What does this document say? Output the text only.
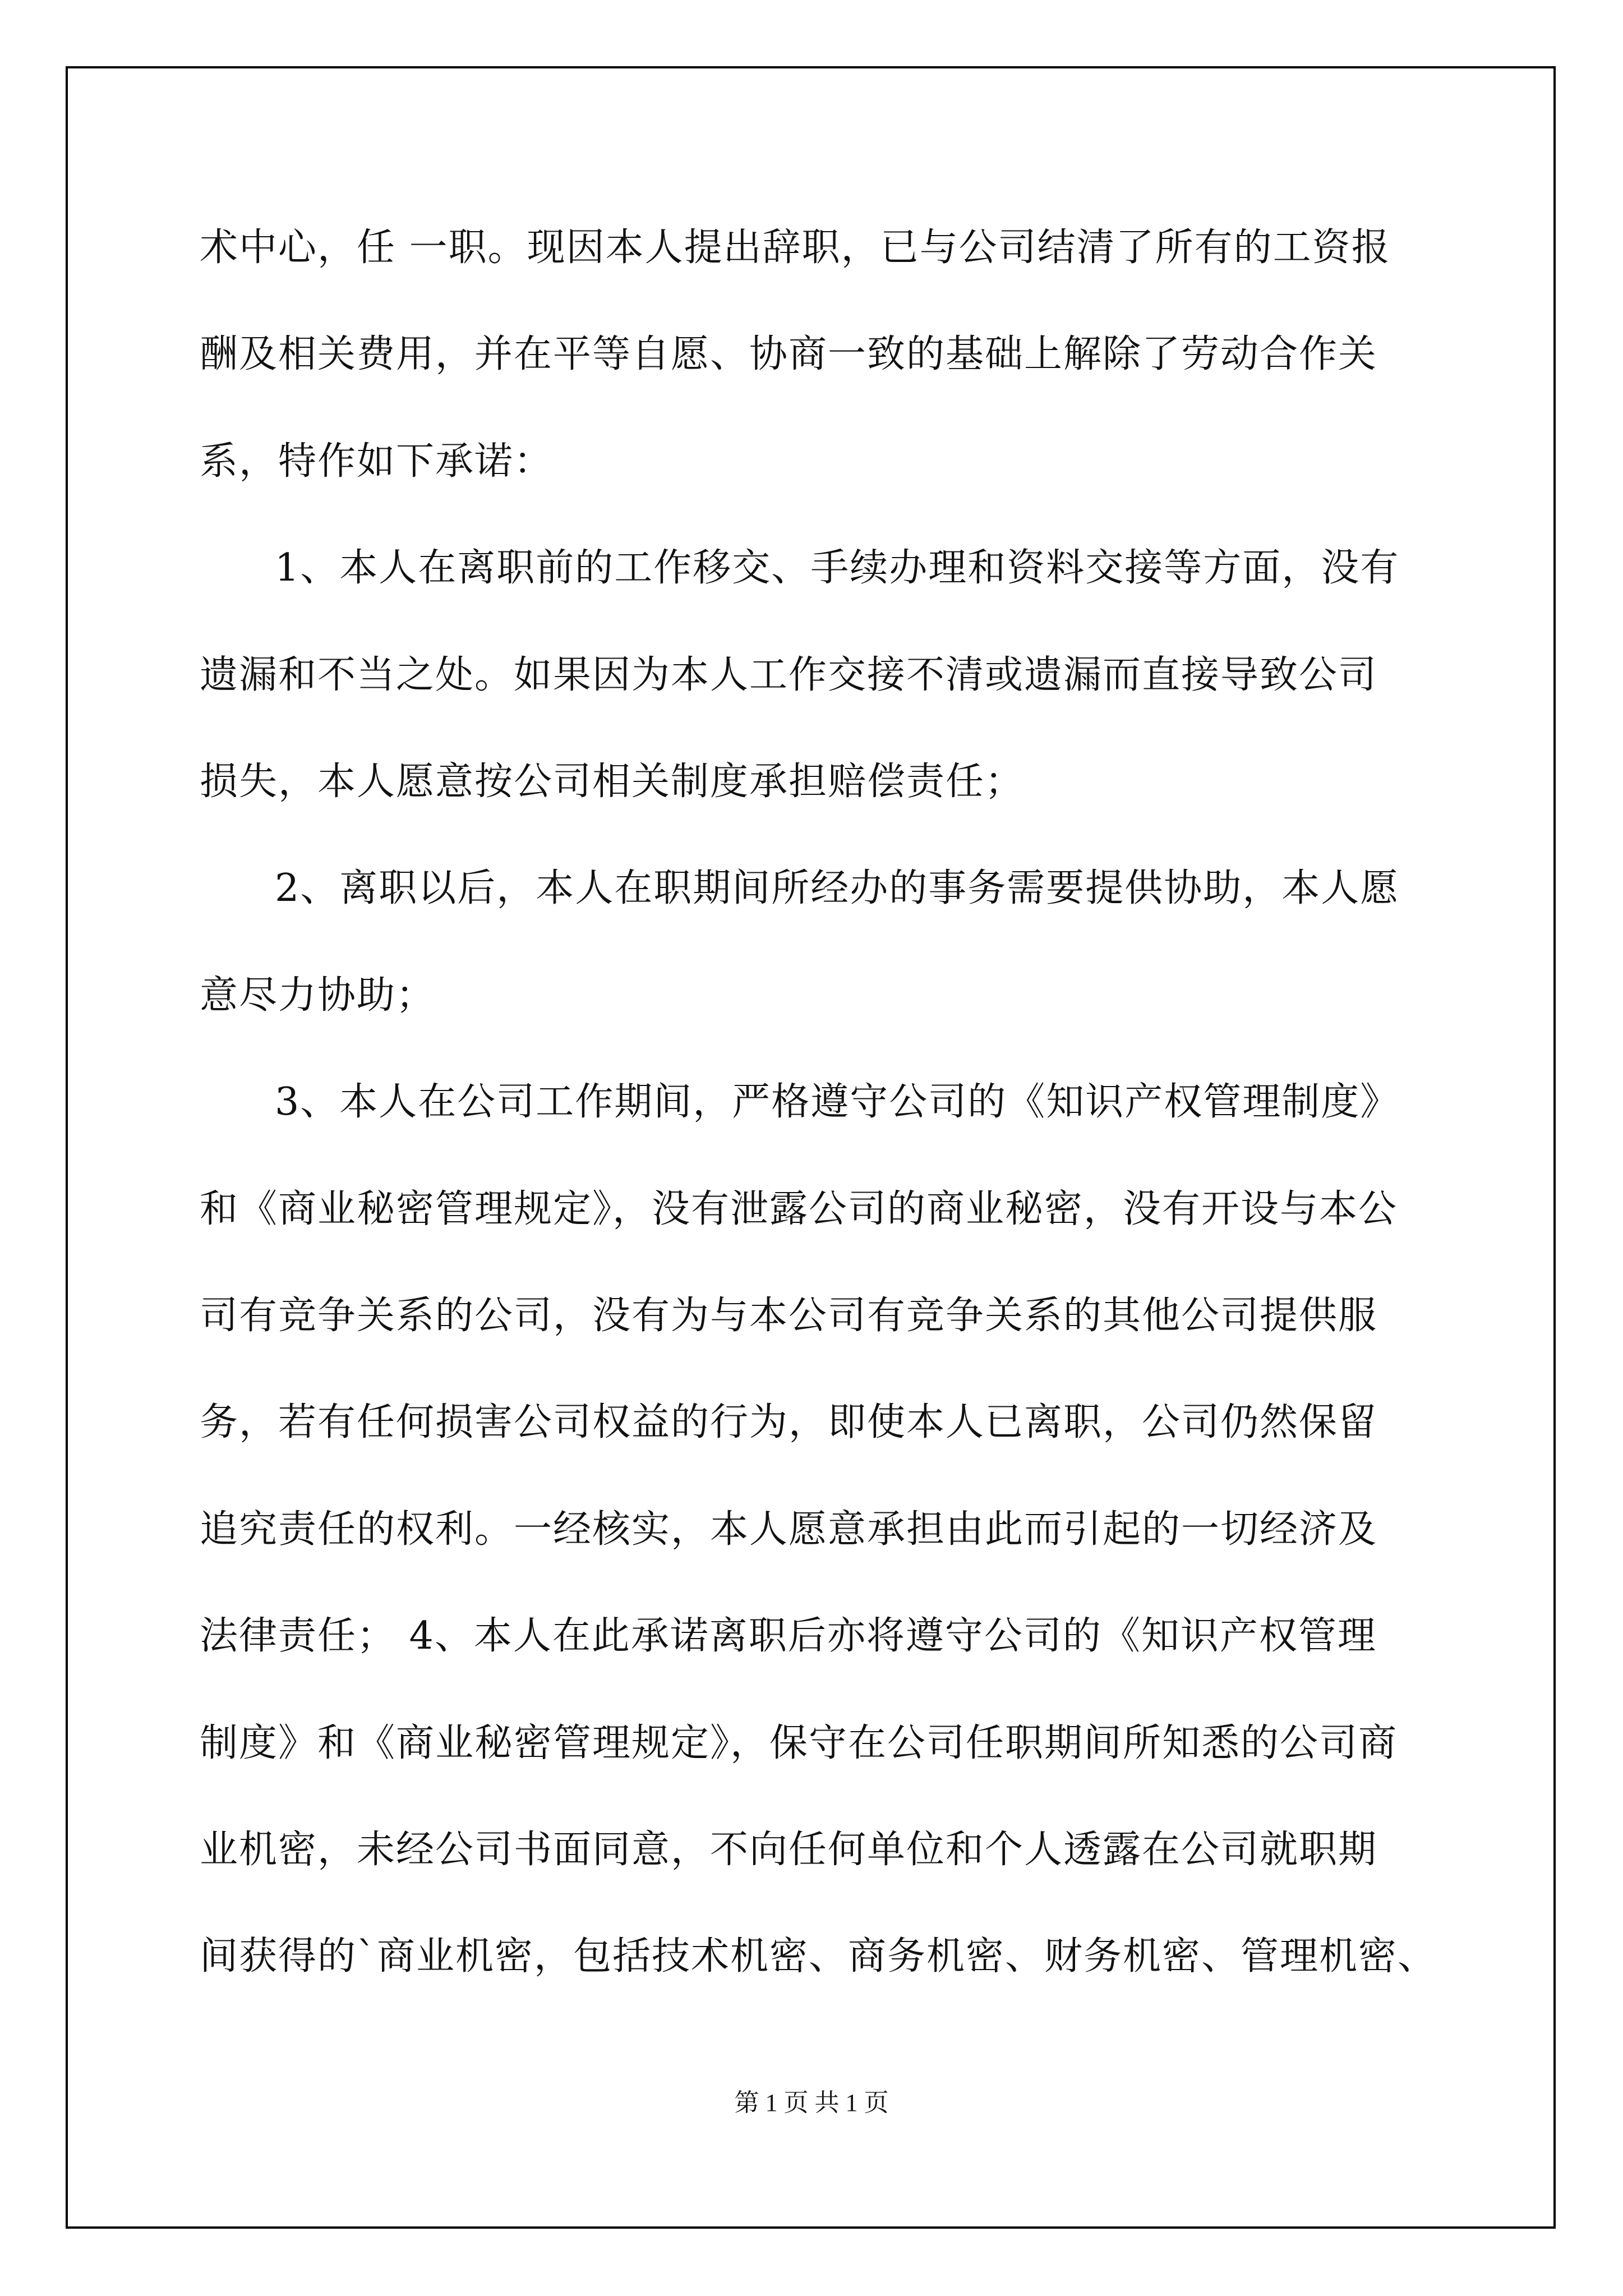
术中心，任 一职。现因本人提出辞职，已与公司结清了所有的工资报

酬及相关费用，并在平等自愿、协商一致的基础上解除了劳动合作关

系，特作如下承诺：

1、本人在离职前的工作移交、手续办理和资料交接等方面，没有

遗漏和不当之处。如果因为本人工作交接不清或遗漏而直接导致公司

损失，本人愿意按公司相关制度承担赔偿责任；

2、离职以后，本人在职期间所经办的事务需要提供协助，本人愿

意尽力协助；

3、本人在公司工作期间，严格遵守公司的《知识产权管理制度》

和《商业秘密管理规定》，没有泄露公司的商业秘密，没有开设与本公

司有竞争关系的公司，没有为与本公司有竞争关系的其他公司提供服

务，若有任何损害公司权益的行为，即使本人已离职，公司仍然保留

追究责任的权利。一经核实，本人愿意承担由此而引起的一切经济及

法律责任； 4、本人在此承诺离职后亦将遵守公司的《知识产权管理

制度》和《商业秘密管理规定》，保守在公司任职期间所知悉的公司商

业机密，未经公司书面同意，不向任何单位和个人透露在公司就职期

间获得的`商业机密，包括技术机密、商务机密、财务机密、管理机密、

第 1 页 共 1 页
